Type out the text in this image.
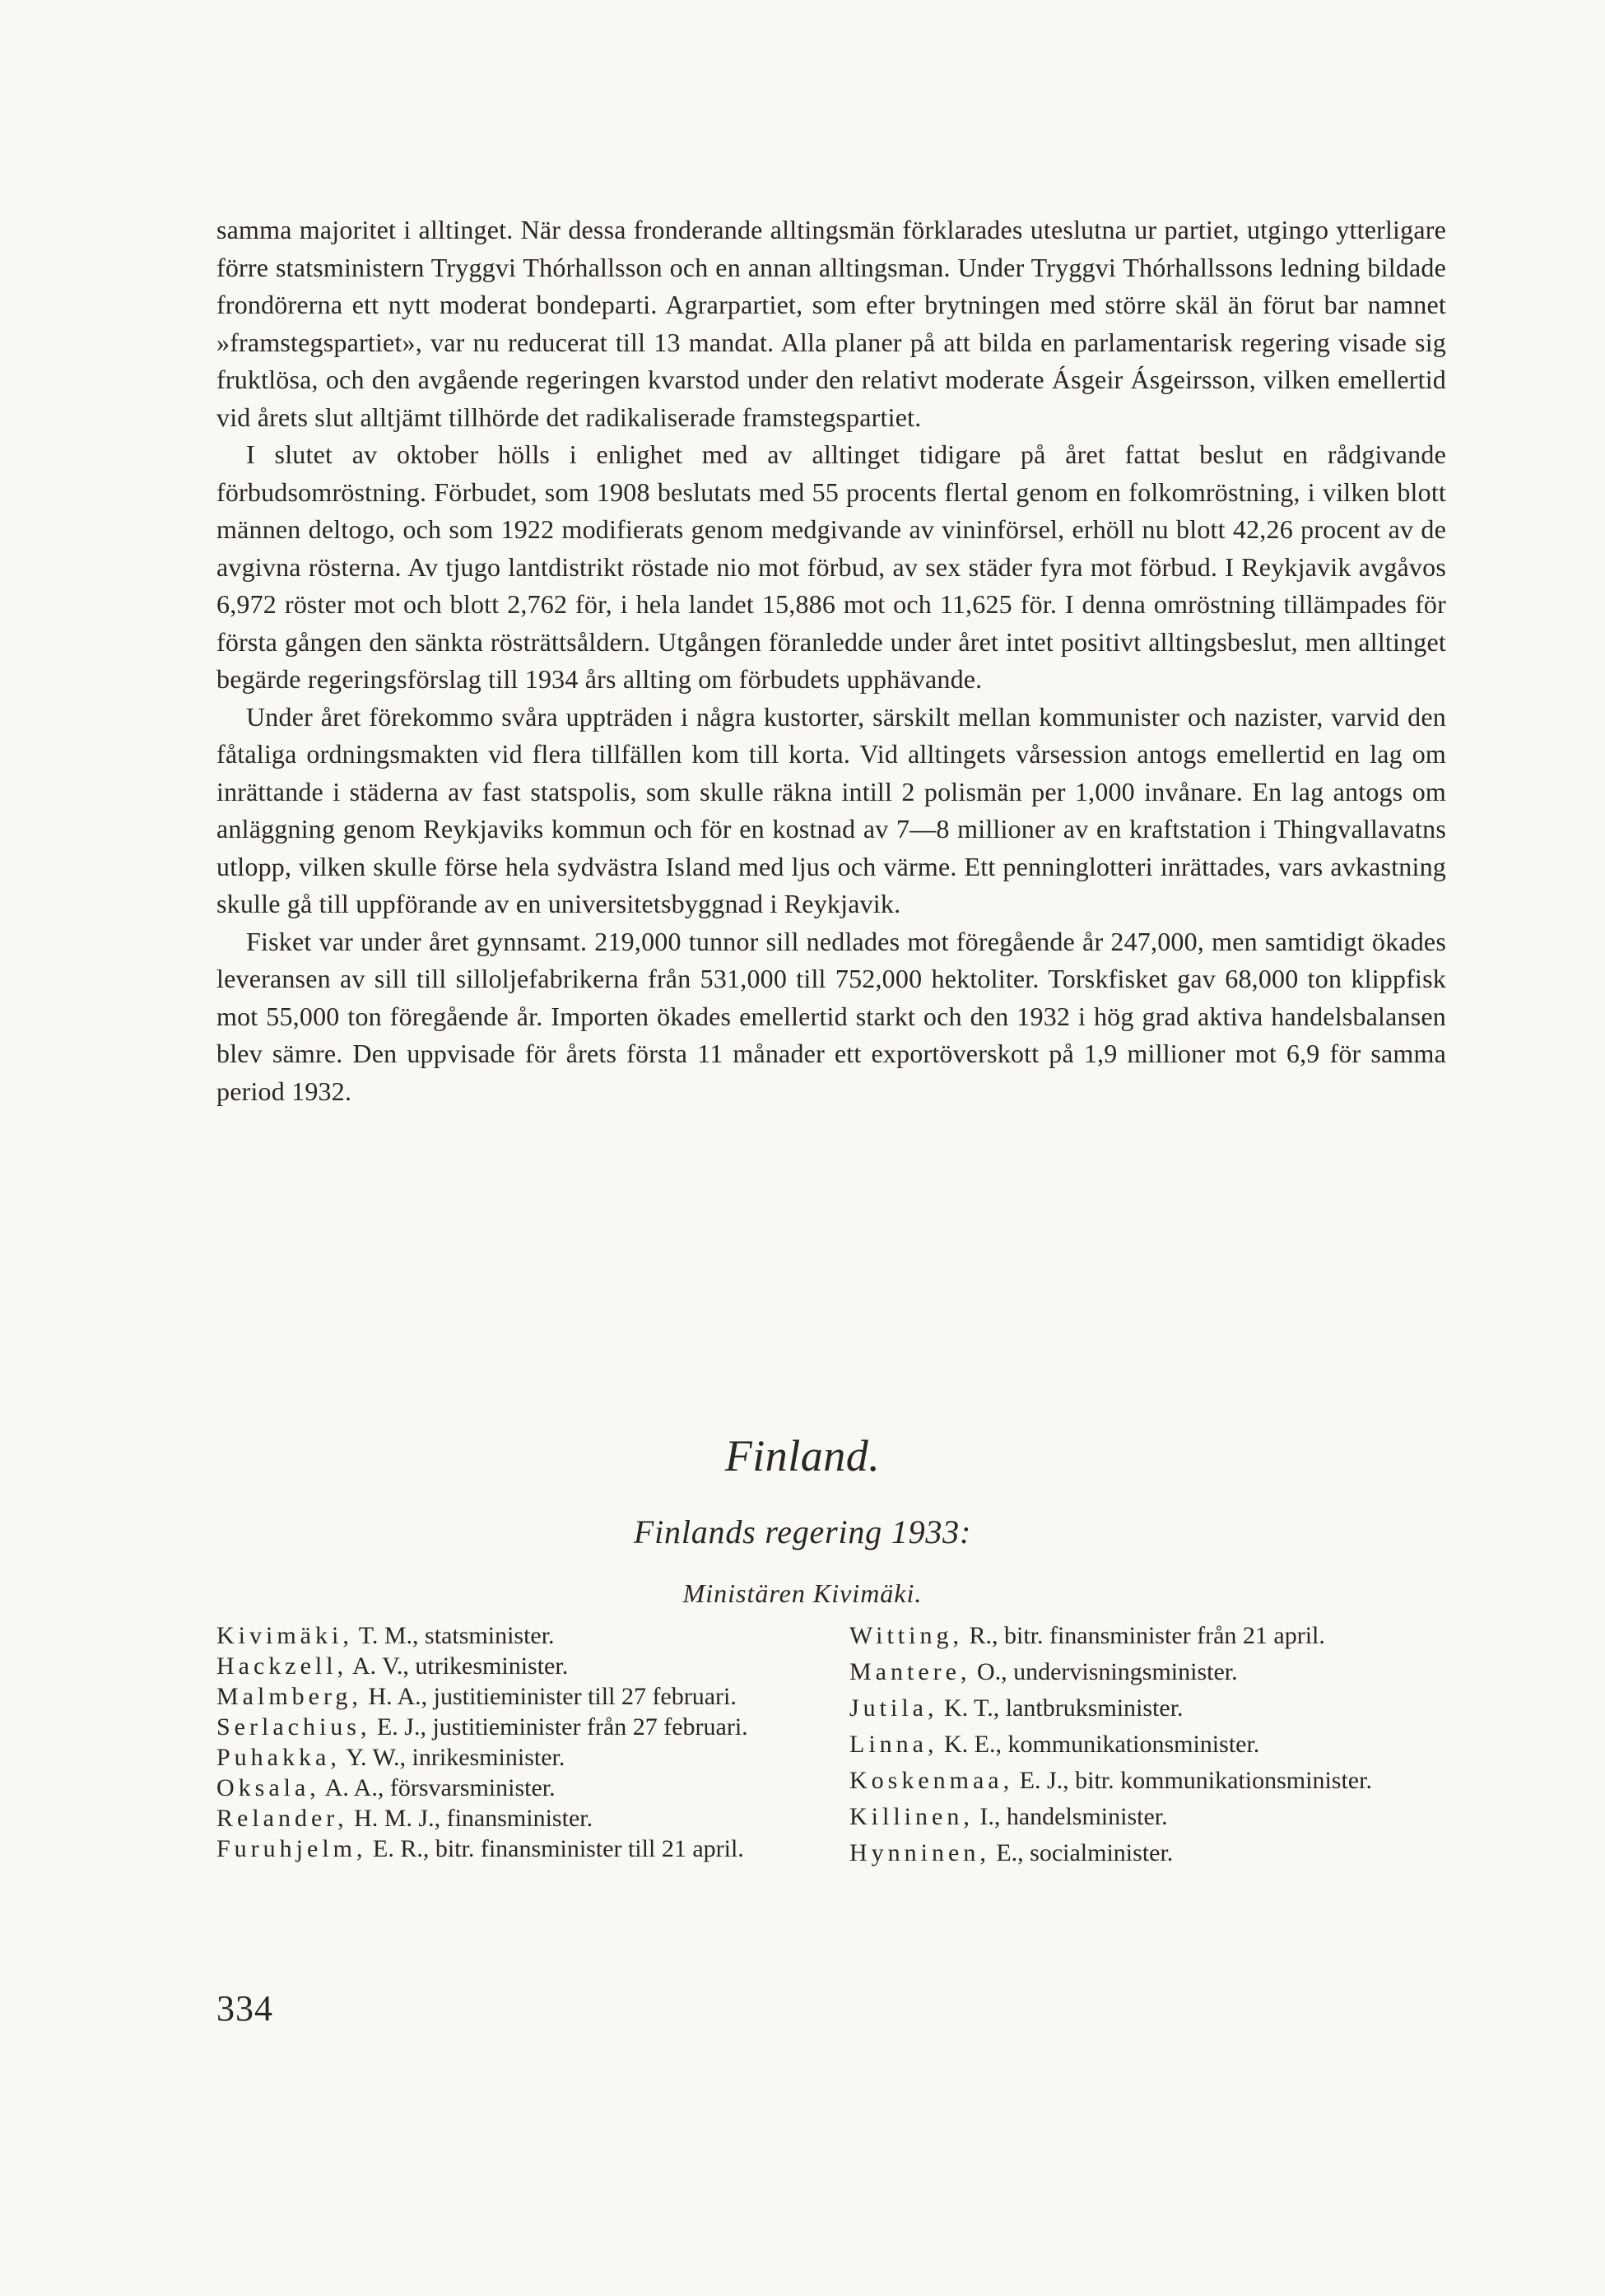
samma majoritet i alltinget. När dessa fronderande alltingsmän förklarades uteslutna ur partiet, utgingo ytterligare förre statsministern Tryggvi Thórhallsson och en annan alltingsman. Under Tryggvi Thórhallssons ledning bildade frondörerna ett nytt moderat bondeparti. Agrarpartiet, som efter brytningen med större skäl än förut bar namnet »framstegspartiet», var nu reducerat till 13 mandat. Alla planer på att bilda en parlamentarisk regering visade sig fruktlösa, och den avgående regeringen kvarstod under den relativt moderate Ásgeir Ásgeirsson, vilken emellertid vid årets slut alltjämt tillhörde det radikaliserade framstegspartiet.

I slutet av oktober hölls i enlighet med av alltinget tidigare på året fattat beslut en rådgivande förbudsomröstning. Förbudet, som 1908 beslutats med 55 procents flertal genom en folkomröstning, i vilken blott männen deltogo, och som 1922 modifierats genom medgivande av vininförsel, erhöll nu blott 42,26 procent av de avgivna rösterna. Av tjugo lantdistrikt röstade nio mot förbud, av sex städer fyra mot förbud. I Reykjavik avgåvos 6,972 röster mot och blott 2,762 för, i hela landet 15,886 mot och 11,625 för. I denna omröstning tillämpades för första gången den sänkta rösträttsåldern. Utgången föranledde under året intet positivt alltingsbeslut, men alltinget begärde regeringsförslag till 1934 års allting om förbudets upphävande.

Under året förekommo svåra uppträden i några kustorter, särskilt mellan kommunister och nazister, varvid den fåtaliga ordningsmakten vid flera tillfällen kom till korta. Vid alltingets vårsession antogs emellertid en lag om inrättande i städerna av fast statspolis, som skulle räkna intill 2 polismän per 1,000 invånare. En lag antogs om anläggning genom Reykjaviks kommun och för en kostnad av 7—8 millioner av en kraftstation i Thingvallavatns utlopp, vilken skulle förse hela sydvästra Island med ljus och värme. Ett penninglotteri inrättades, vars avkastning skulle gå till uppförande av en universitetsbyggnad i Reykjavik.

Fisket var under året gynnsamt. 219,000 tunnor sill nedlades mot föregående år 247,000, men samtidigt ökades leveransen av sill till silloljefabrikerna från 531,000 till 752,000 hektoliter. Torskfisket gav 68,000 ton klippfisk mot 55,000 ton föregående år. Importen ökades emellertid starkt och den 1932 i hög grad aktiva handelsbalansen blev sämre. Den uppvisade för årets första 11 månader ett exportöverskott på 1,9 millioner mot 6,9 för samma period 1932.

Finland.
Finlands regering 1933:
Ministären Kivimäki.
Kivimäki, T. M., statsminister.
Hackzell, A. V., utrikesminister.
Malmberg, H. A., justitieminister till 27 februari.
Serlachius, E. J., justitieminister från 27 februari.
Puhakka, Y. W., inrikesminister.
Oksala, A. A., försvarsminister.
Relander, H. M. J., finansminister.
Furuhjelm, E. R., bitr. finansminister till 21 april.
Witting, R., bitr. finansminister från 21 april.
Mantere, O., undervisningsminister.
Jutila, K. T., lantbruksminister.
Linna, K. E., kommunikationsminister.
Koskenmaa, E. J., bitr. kommunikationsminister.
Killinen, I., handelsminister.
Hynninen, E., socialminister.
334
